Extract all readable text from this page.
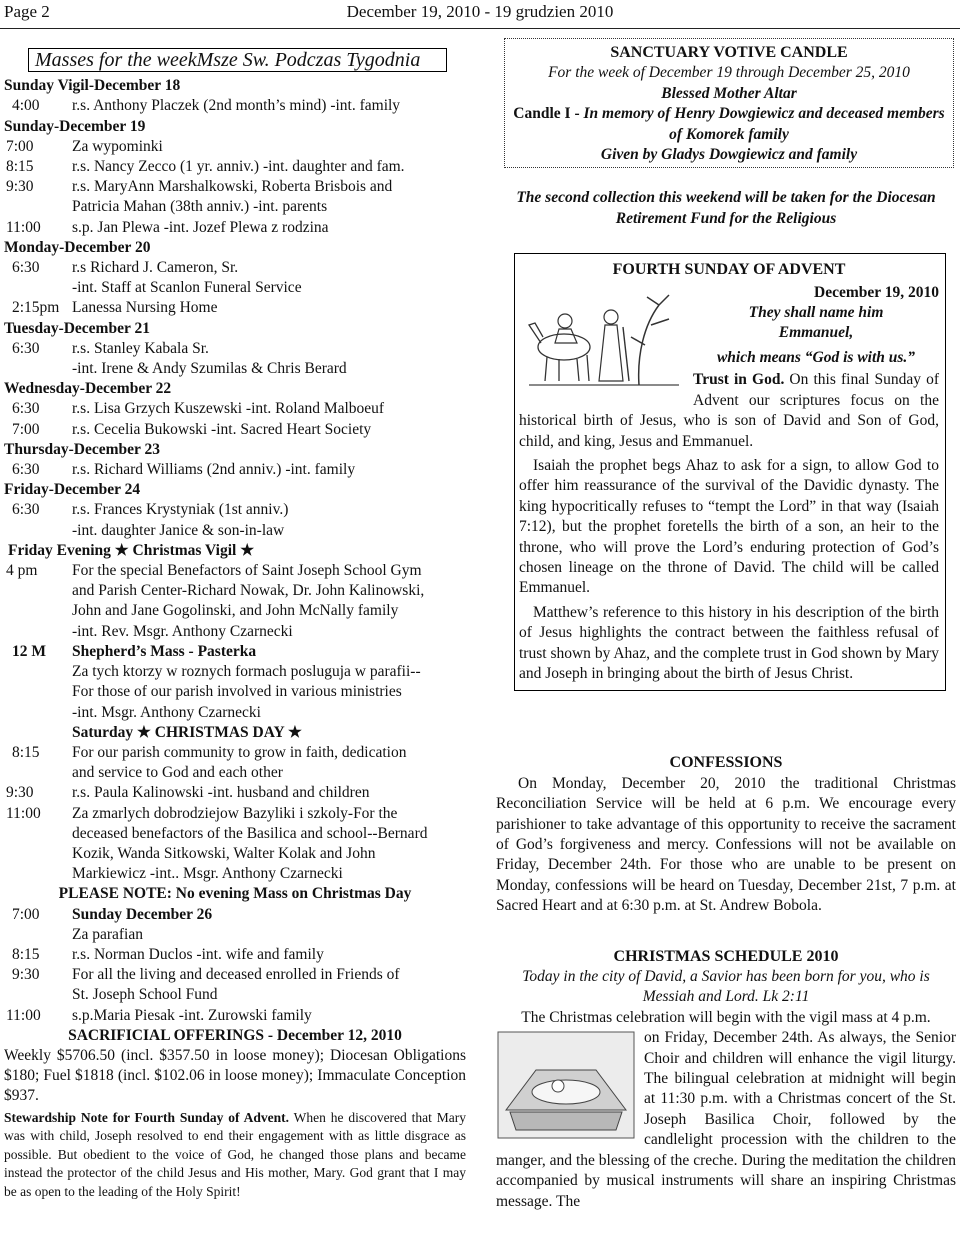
Page 2	December 19, 2010 - 19 grudzien 2010
Masses for the weekMsze Sw. Podczas Tygodnia
Sunday Vigil-December 18
4:00	r.s. Anthony Placzek (2nd month’s mind) -int. family
Sunday-December 19
7:00	Za wypominki
8:15	r.s. Nancy Zecco (1 yr. anniv.) -int. daughter and fam.
9:30	r.s. MaryAnn Marshalkowski, Roberta Brisbois and
Patricia Mahan (38th anniv.) -int. parents
11:00	s.p. Jan Plewa -int. Jozef Plewa z rodzina
Monday-December 20
6:30	r.s Richard J. Cameron, Sr.
-int. Staff at Scanlon Funeral Service
2:15pm Lanessa Nursing Home
Tuesday-December 21
6:30	r.s. Stanley Kabala Sr.
-int. Irene & Andy Szumilas & Chris Berard
Wednesday-December 22
6:30	r.s. Lisa Grzych Kuszewski -int. Roland Malboeuf
7:00	r.s. Cecelia Bukowski -int. Sacred Heart Society
Thursday-December 23
6:30	r.s. Richard Williams (2nd anniv.) -int. family
Friday-December 24
6:30	r.s. Frances Krystyniak (1st anniv.)
-int. daughter Janice & son-in-law
Friday Evening ★ Christmas Vigil ★
4 pm	For the special Benefactors of Saint Joseph School Gym
and Parish Center-Richard Nowak, Dr. John Kalinowski,
John and Jane Gogolinski, and John McNally family
-int. Rev. Msgr. Anthony Czarnecki
12 M	Shepherd’s Mass - Pasterka
Za tych ktorzy w roznych formach posluguja w parafii--
For those of our parish involved in various ministries
-int. Msgr. Anthony Czarnecki
Saturday ★ CHRISTMAS DAY ★
8:15	For our parish community to grow in faith, dedication
and service to God and each other
9:30	r.s. Paula Kalinowski -int. husband and children
11:00	Za zmarlych dobrodziejow Bazyliki i szkoly-For the
deceased benefactors of the Basilica and school--Bernard
Kozik, Wanda Sitkowski, Walter Kolak and John
Markiewicz -int.. Msgr. Anthony Czarnecki
PLEASE NOTE: No evening Mass on Christmas Day
7:00	Sunday December 26
Za parafian
8:15	r.s. Norman Duclos -int. wife and family
9:30	For all the living and deceased enrolled in Friends of
St. Joseph School Fund
11:00	s.p.Maria Piesak -int. Zurowski family
SACRIFICIAL OFFERINGS - December 12, 2010
Weekly $5706.50 (incl. $357.50 in loose money); Diocesan Obligations $180; Fuel $1818 (incl. $102.06 in loose money); Immaculate Conception $937.
Stewardship Note for Fourth Sunday of Advent. When he discovered that Mary was with child, Joseph resolved to end their engagement with as little disgrace as possible. But obedient to the voice of God, he changed those plans and became instead the protector of the child Jesus and His mother, Mary. God grant that I may be as open to the leading of the Holy Spirit!
SANCTUARY VOTIVE CANDLE
For the week of December 19 through December 25, 2010
Blessed Mother Altar
Candle I - In memory of Henry Dowgiewicz and deceased members of Komorek family
Given by Gladys Dowgiewicz and family
The second collection this weekend will be taken for the Diocesan Retirement Fund for the Religious
FOURTH SUNDAY OF ADVENT
December 19, 2010
They shall name him
Emmanuel,
which means “God is with us.”
Trust in God. On this final Sunday of Advent our scriptures focus on the historical birth of Jesus, who is son of David and Son of God, child, and king, Jesus and Emmanuel.
Isaiah the prophet begs Ahaz to ask for a sign, to allow God to offer him reassurance of the survival of the Davidic dynasty. The king hypocritically refuses to “tempt the Lord” in that way (Isaiah 7:12), but the prophet foretells the birth of a son, an heir to the throne, who will prove the Lord’s enduring protection of God’s chosen lineage on the throne of David. The child will be called Emmanuel.
Matthew’s reference to this history in his description of the birth of Jesus highlights the contract between the faithless refusal of trust shown by Ahaz, and the complete trust in God shown by Mary and Joseph in bringing about the birth of Jesus Christ.
CONFESSIONS
On Monday, December 20, 2010 the traditional Christmas Reconciliation Service will be held at 6 p.m. We encourage every parishioner to take advantage of this opportunity to receive the sacrament of God’s forgiveness and mercy. Confessions will not be available on Friday, December 24th. For those who are unable to be present on Monday, confessions will be heard on Tuesday, December 21st, 7 p.m. at Sacred Heart and at 6:30 p.m. at St. Andrew Bobola.
CHRISTMAS SCHEDULE 2010
Today in the city of David, a Savior has been born for you, who is Messiah and Lord. Lk 2:11
The Christmas celebration will begin with the vigil mass at 4 p.m.
on Friday, December 24th. As always, the Senior Choir and children will enhance the vigil liturgy. The bilingual celebration at midnight will begin at 11:30 p.m. with a Christmas concert of the St. Joseph Basilica Choir, followed by the candlelight procession with the children to the manger, and the blessing of the creche. During the meditation the children accompanied by musical instruments will share an inspiring Christmas message. The
